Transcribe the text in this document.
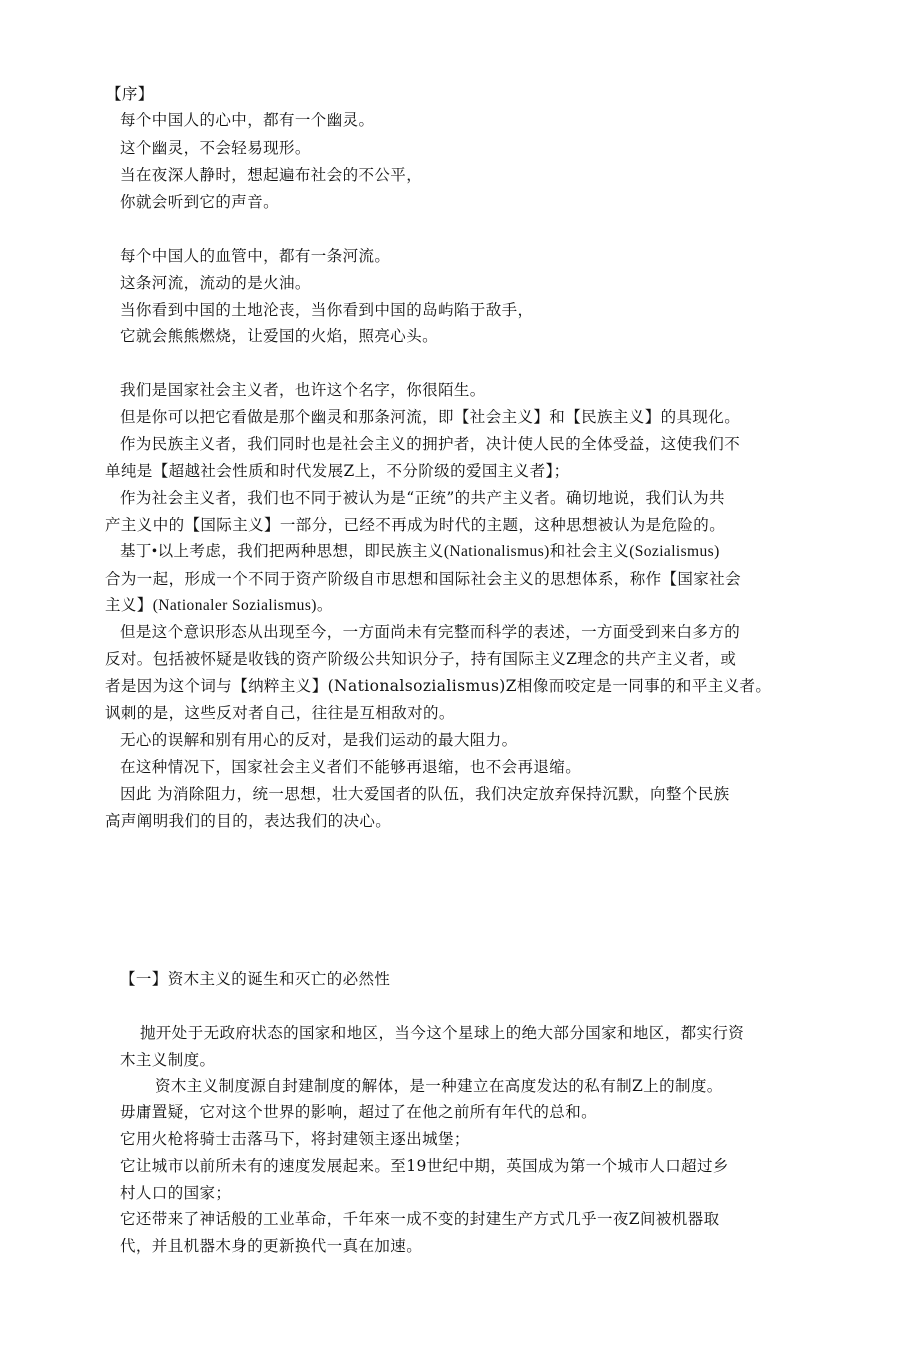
【序】
每个中国人的心中，都有一个幽灵。
这个幽灵，不会轻易现形。
当在夜深人静时，想起遍布社会的不公平，
你就会听到它的声音。
每个中国人的血管中，都有一条河流。
这条河流，流动的是火油。
当你看到中国的土地沦丧，当你看到中国的岛屿陷于敌手，
它就会熊熊燃烧，让爱国的火焰，照亮心头。
我们是国家社会主义者，也许这个名字，你很陌生。
但是你可以把它看做是那个幽灵和那条河流，即【社会主义】和【民族主义】的具现化。
作为民族主义者，我们同时也是社会主义的拥护者，决计使人民的全体受益，这使我们不
单纯是【超越社会性质和时代发展Z上，不分阶级的爱国主义者】；
作为社会主义者，我们也不同于被认为是“正统”的共产主义者。确切地说，我们认为共
产主义中的【国际主义】一部分，已经不再成为时代的主题，这种思想被认为是危险的。
基丁•以上考虑，我们把两种思想，即民族主义(Nationalismus)和社会主义(Sozialismus)
合为一起，形成一个不同于资产阶级自市思想和国际社会主义的思想体系，称作【国家社会
主义】(Nationaler Sozialismus)。
但是这个意识形态从出现至今，一方面尚未有完整而科学的表述，一方面受到来白多方的
反对。包括被怀疑是收钱的资产阶级公共知识分子，持有国际主义Z理念的共产主义者，或
者是因为这个词与【纳粹主义】(Nationalsozialismus)Z相像而咬定是一同事的和平主义者。
讽刺的是，这些反对者自己，往往是互相敌对的。
无心的误解和别有用心的反对，是我们运动的最大阻力。
在这种情况下，国家社会主义者们不能够再退缩，也不会再退缩。
因此 为消除阻力，统一思想，壮大爱国者的队伍，我们决定放弃保持沉默，向整个民族
高声阐明我们的目的，表达我们的决心。
【一】资木主义的诞生和灭亡的必然性
抛开处于无政府状态的国家和地区，当今这个星球上的绝大部分国家和地区，都实行资
木主义制度。
资木主义制度源自封建制度的解体，是一种建立在高度发达的私有制Z上的制度。
毋庸置疑，它对这个世界的影响，超过了在他之前所有年代的总和。
它用火枪将骑士击落马下，将封建领主逐出城堡；
它让城市以前所未有的速度发展起来。至19世纪中期，英国成为第一个城市人口超过乡
村人口的国家；
它还带来了神话般的工业革命，千年來一成不变的封建生产方式几乎一夜Z间被机器取
代，并且机器木身的更新换代一真在加速。
